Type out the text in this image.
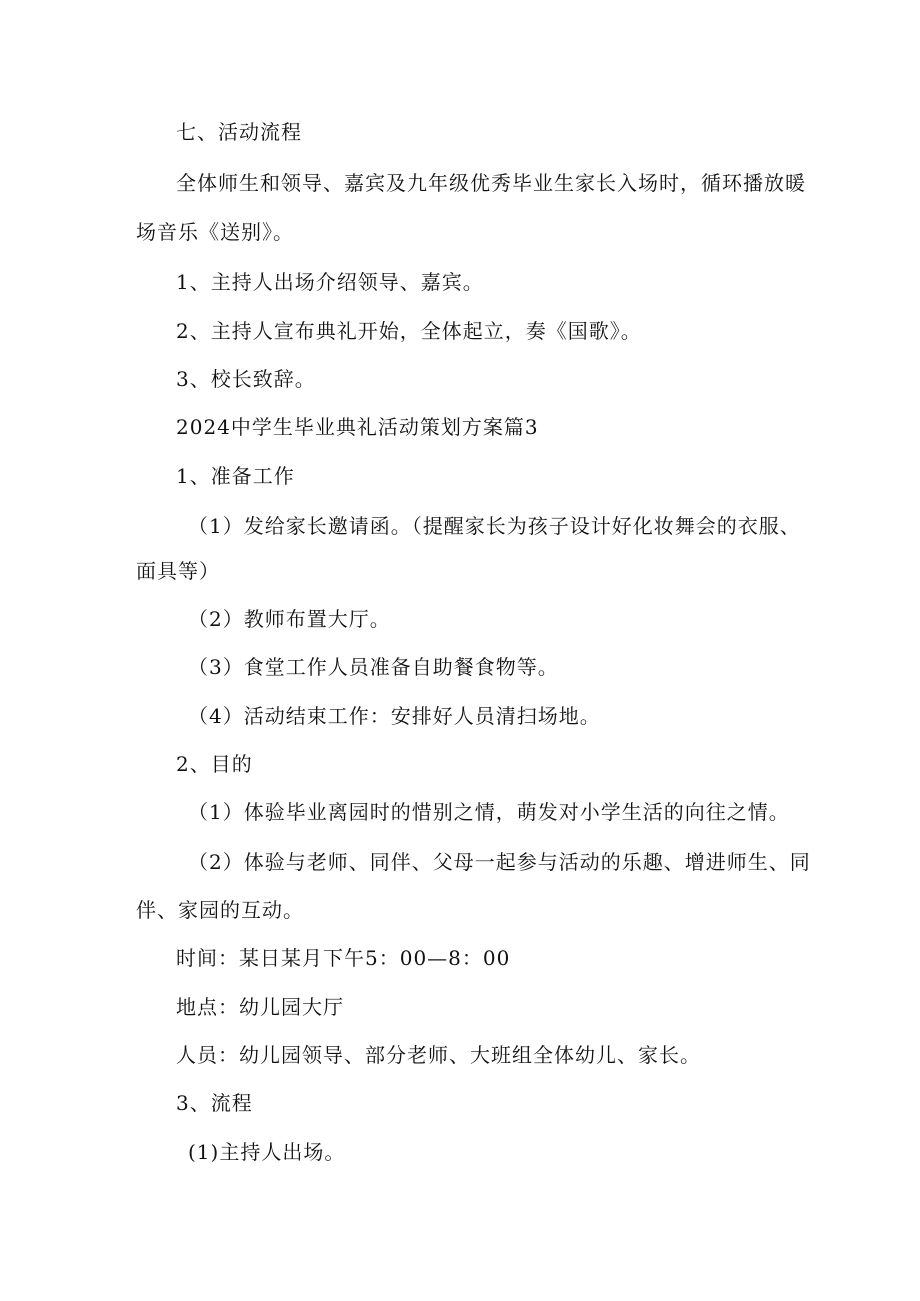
七、活动流程
全体师生和领导、嘉宾及九年级优秀毕业生家长入场时，循环播放暖
场音乐《送别》。
1、主持人出场介绍领导、嘉宾。
2、主持人宣布典礼开始，全体起立，奏《国歌》。
3、校长致辞。
2024中学生毕业典礼活动策划方案篇3
1、准备工作
（1）发给家长邀请函。（提醒家长为孩子设计好化妆舞会的衣服、
面具等）
（2）教师布置大厅。
（3）食堂工作人员准备自助餐食物等。
（4）活动结束工作：安排好人员清扫场地。
2、目的
（1）体验毕业离园时的惜别之情，萌发对小学生活的向往之情。
（2）体验与老师、同伴、父母一起参与活动的乐趣、增进师生、同
伴、家园的互动。
时间：某日某月下午5：00—8：00
地点：幼儿园大厅
人员：幼儿园领导、部分老师、大班组全体幼儿、家长。
3、流程
(1)主持人出场。
